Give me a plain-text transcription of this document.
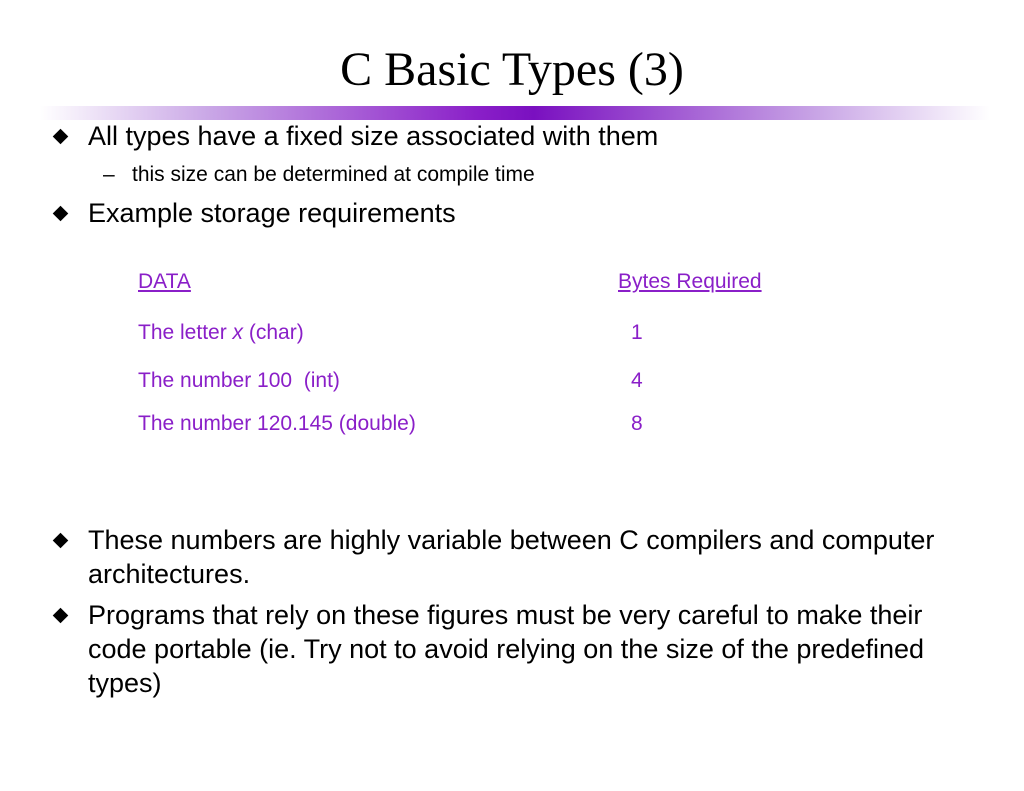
C Basic Types (3)
All types have a fixed size associated with them
– this size can be determined at compile time
Example storage requirements
DATA	Bytes Required
The letter x (char)	1
The number 100  (int)	4
The number 120.145 (double)	8
These numbers are highly variable between C compilers and computer architectures.
Programs that rely on these figures must be very careful to make their code portable (ie. Try not to avoid relying on the size of the predefined types)
